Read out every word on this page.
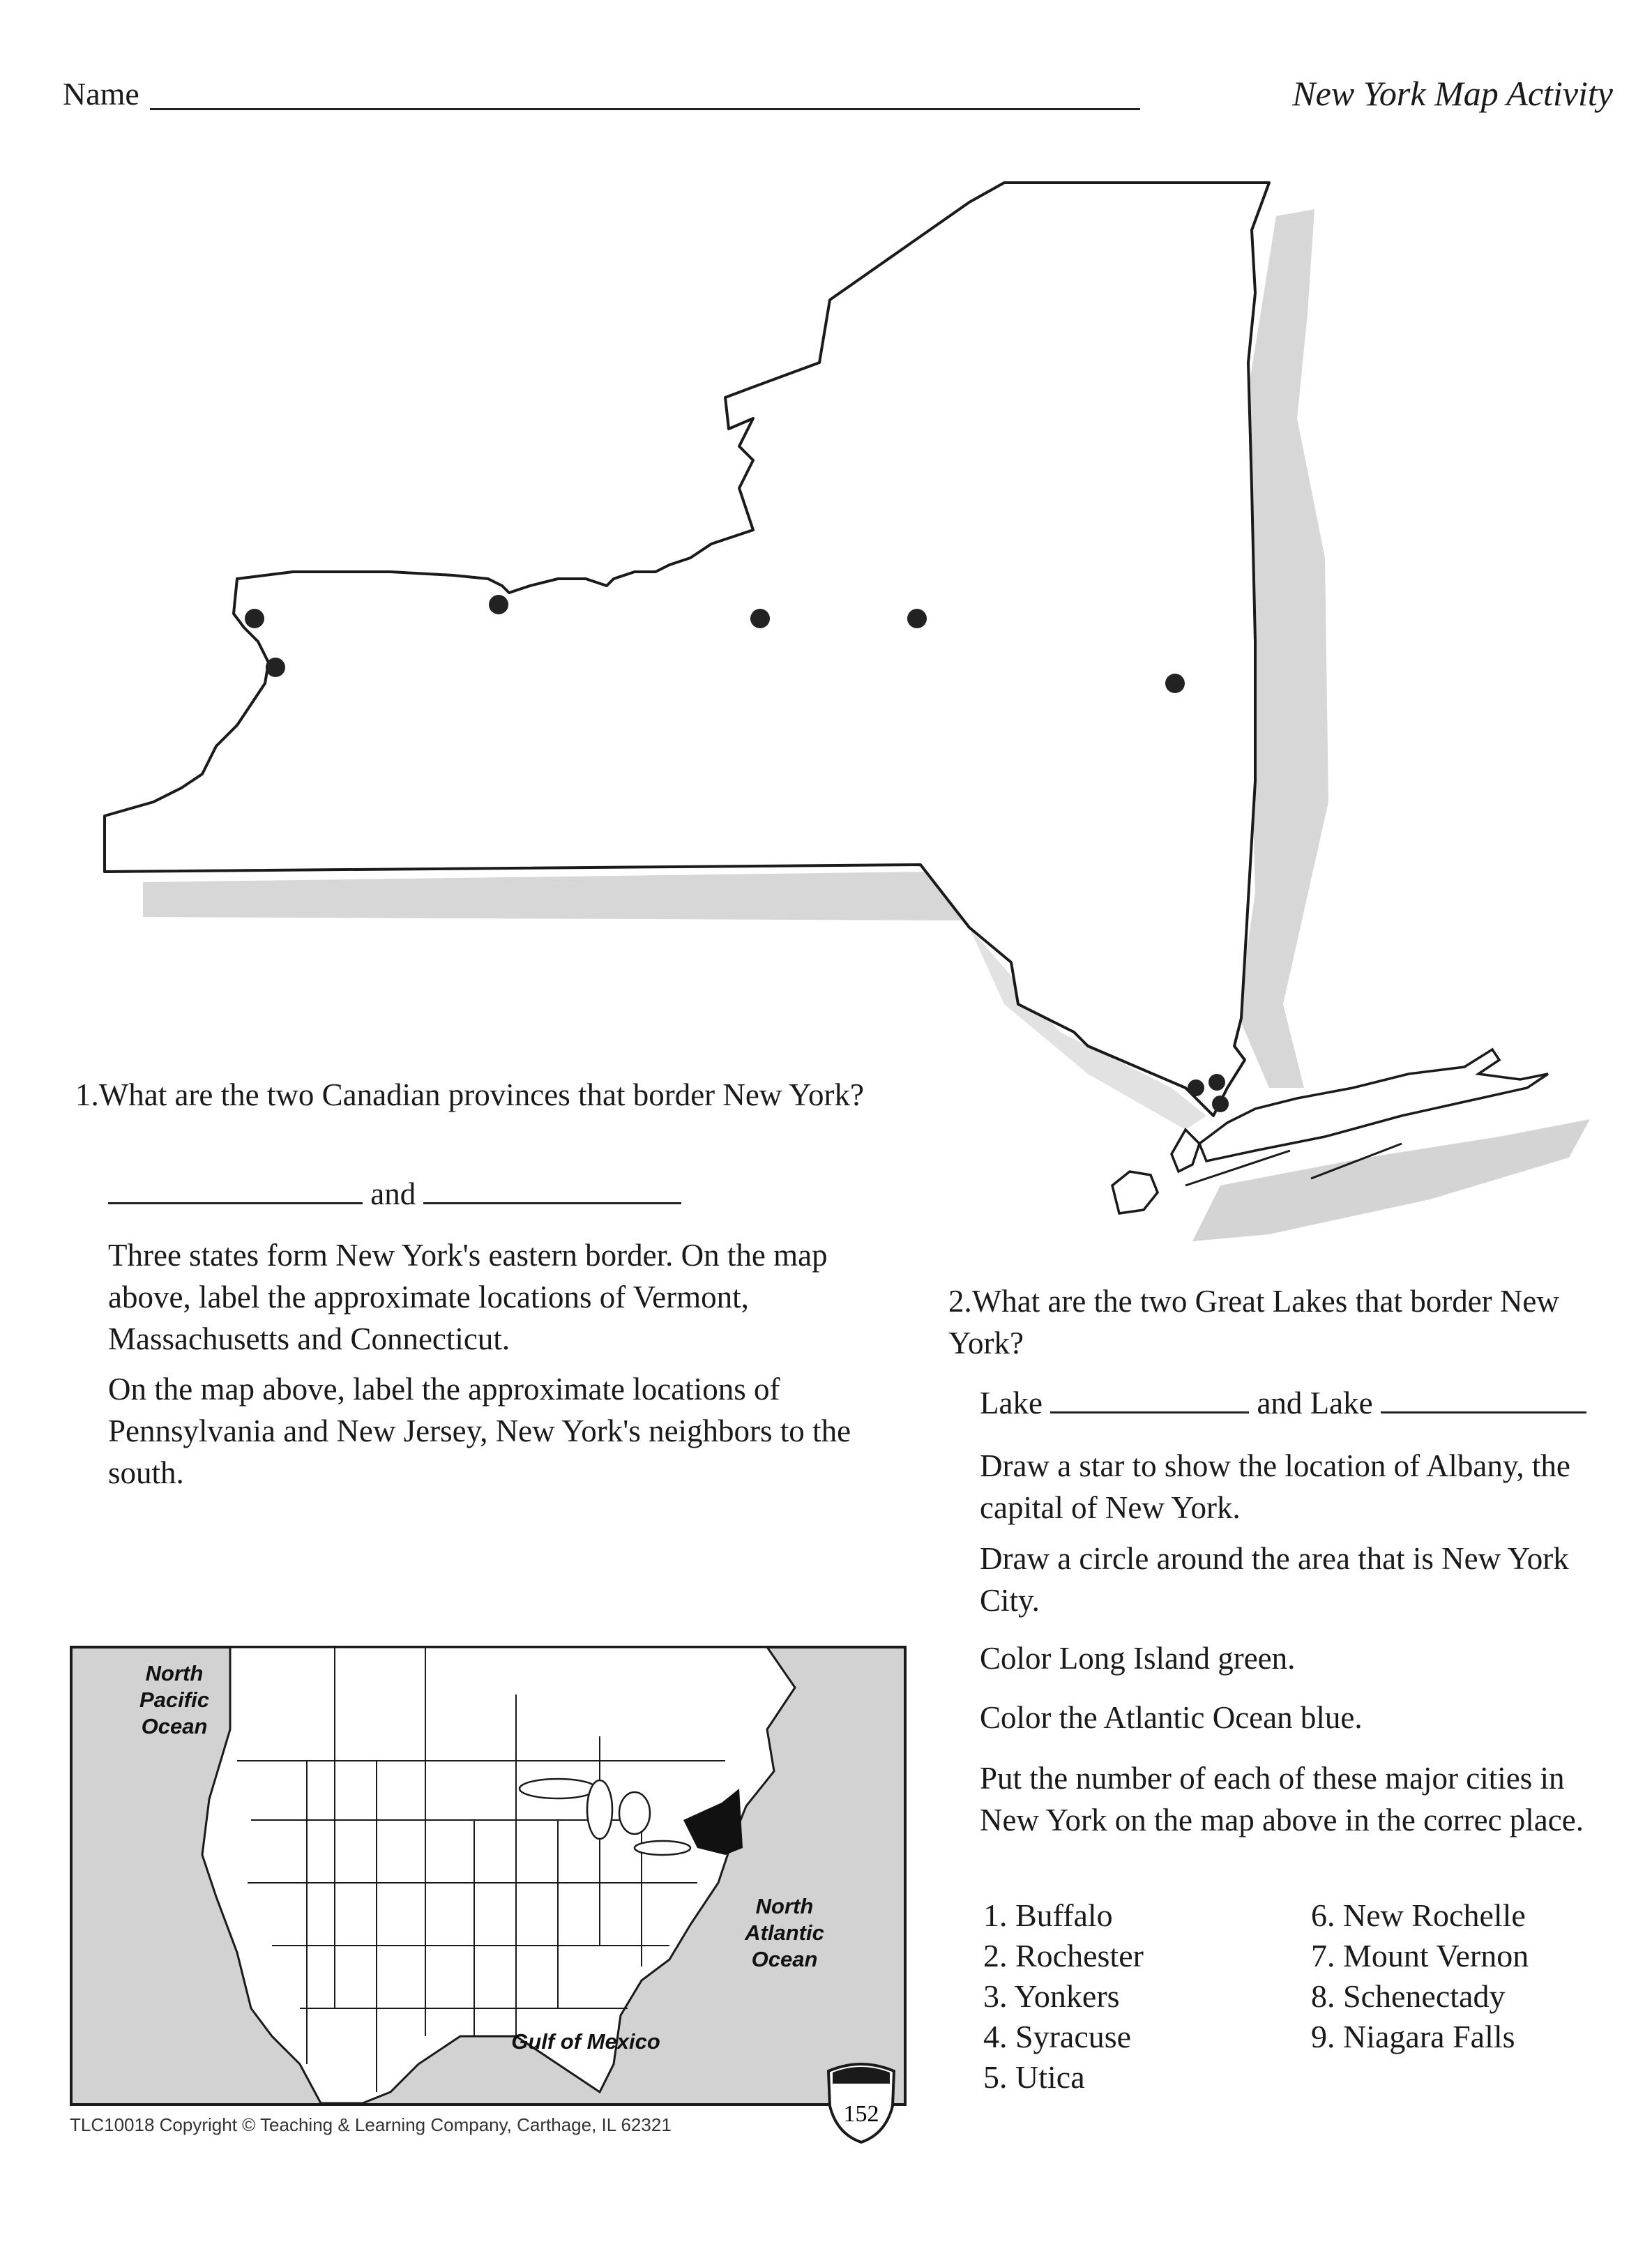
Name	New York Map Activity
1.What are the two Canadian provinces that border New York?
and
Three states form New York's eastern border. On the map above, label the approximate locations of Vermont, Massachusetts and Connecticut.
On the map above, label the approximate locations of Pennsylvania and New Jersey, New York's neighbors to the south.
2.What are the two Great Lakes that border New York?
Lake	and Lake
Draw a star to show the location of Albany, the capital of New York.
Draw a circle around the area that is New York City.
Color Long Island green.
Color the Atlantic Ocean blue.
Put the number of each of these major cities in New York on the map above in the correc place.
1. Buffalo
2. Rochester
3. Yonkers
4. Syracuse
5. Utica
6. New Rochelle
7. Mount Vernon
8. Schenectady
9. Niagara Falls
North
Pacific
Ocean
North
Atlantic
Ocean
Gulf of Mexico
152
TLC10018 Copyright © Teaching & Learning Company, Carthage, IL 62321
